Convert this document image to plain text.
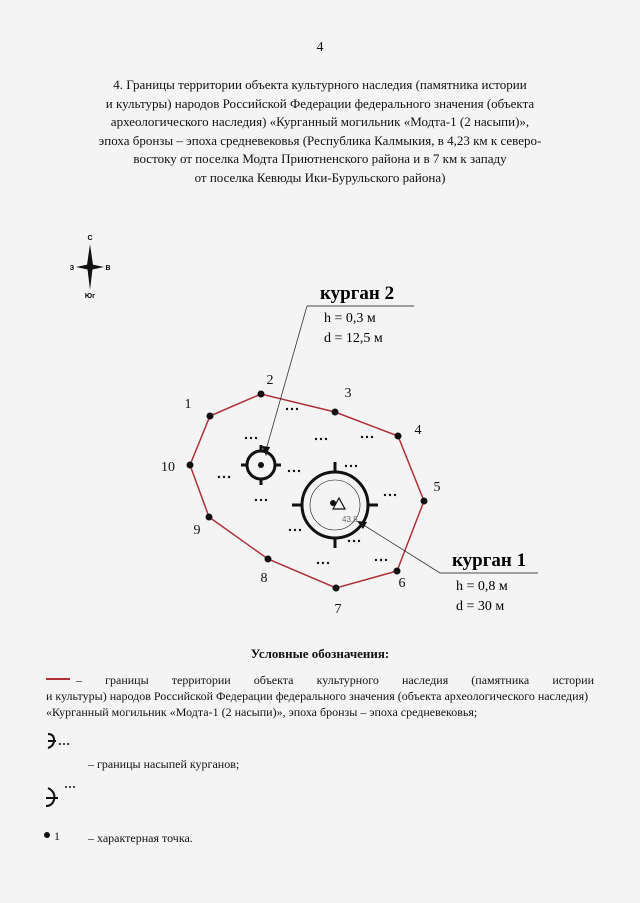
4
4. Границы территории объекта культурного наследия (памятника истории
и культуры) народов Российской Федерации федерального значения (объекта
археологического наследия) «Курганный могильник «Модта-1 (2 насыпи)»,
эпоха бронзы – эпоха средневековья (Республика Калмыкия, в 4,23 км к северо-
востоку от поселка Модта Приютненского района и в 7 км к западу
от поселка Кевюды Ики-Бурульского района)
С
З	В
Юг
1
2
3
4
5
6
7
8
9
10
43,8
курган 2
h = 0,3 м
d = 12,5 м
курган 1
h = 0,8 м
d = 30 м
Условные обозначения:
– границы территории объекта культурного наследия (памятника истории
и культуры) народов Российской Федерации федерального значения (объекта археологического наследия) «Курганный могильник «Модта-1 (2 насыпи)», эпоха бронзы – эпоха средневековья;
– границы насыпей курганов;
1 – характерная точка.
